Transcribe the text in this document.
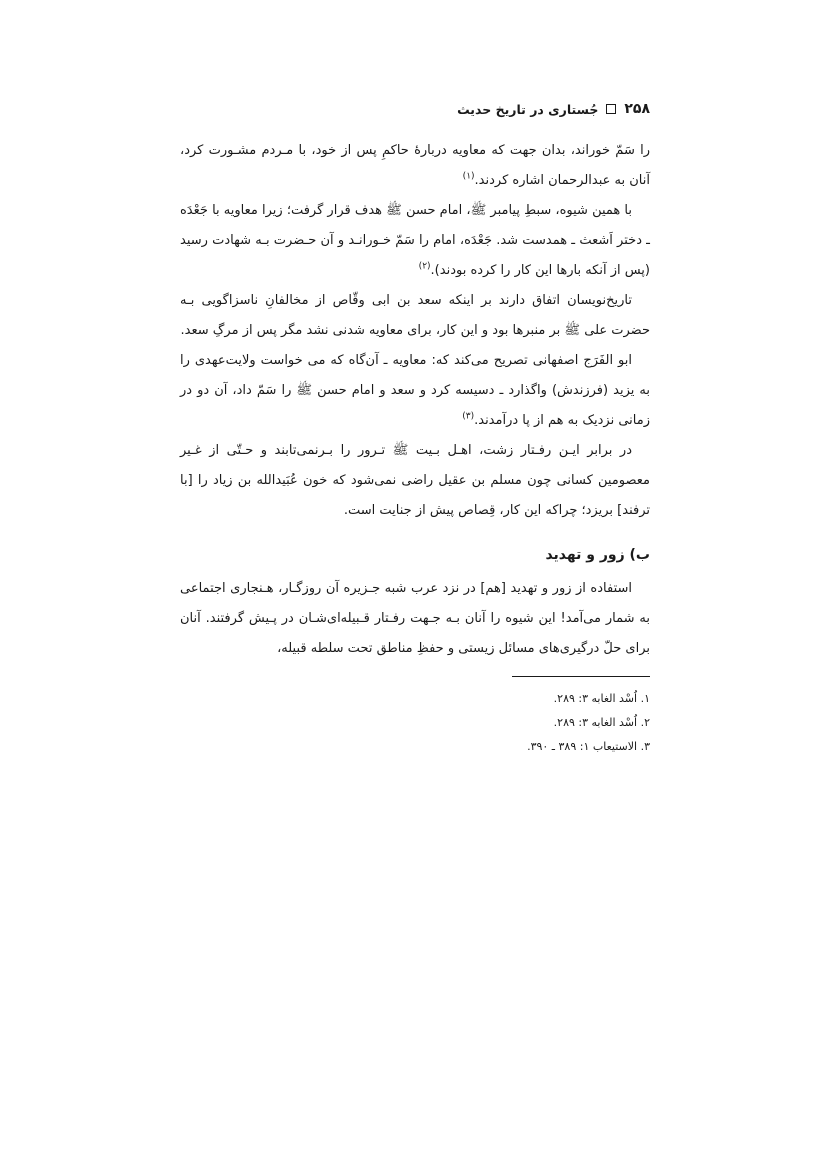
۲۵۸
جُستاری در تاریخ حدیث

را سَمّ خوراند، بدان جهت که معاویه دربارۀ حاکمِ پس از خود، با مـردم مشـورت کرد، آنان به عبدالرحمان اشاره کردند.$^{(۱)}$

با همین شیوه، سبطِ پیامبر ﷺ، امام حسن ﷺ هدف قرار گرفت؛ زیرا معاویه با جَعْدَه ـ دختر اَشعث ـ همدست شد. جَعْدَه، امام را سَمّ خـورانـد و آن حـضرت بـه شهادت رسید (پس از آنکه بارها این کار را کرده بودند).$^{(۲)}$

تاریخ‌نویسان اتفاق دارند بر اینکه سعد بن ابی وقّاص از مخالفانِ ناسزاگویی بـه حضرت علی ﷺ بر منبرها بود و این کار، برای معاویه شدنی نشد مگر پس از مرگِ سعد.

ابو الفَرَج اصفهانی تصریح می‌کند که: معاویه ـ آن‌گاه که می خواست ولایت‌عهدی را به یزید (فرزندش) واگذارد ـ دسیسه کرد و سعد و امام حسن ﷺ را سَمّ داد، آن دو در زمانی نزدیک به هم از پا درآمدند.$^{(۳)}$

در برابر ایـن رفـتار زشت، اهـل بـیت ﷺ تـرور را بـرنمی‌تابند و حـتّی از غـیر معصومین کسانی چون مسلم بن عقیل راضی نمی‌شود که خون عُبَیدالله بن زیاد را [با ترفند] بریزد؛ چراکه این کار، قِصاص پیش از جنایت است.

ب) زور و تهدید

استفاده از زور و تهدید [هم] در نزد عرب شبه جـزیره آن روزگـار، هـنجاری اجتماعی به شمار می‌آمد! این شیوه را آنان بـه جـهت رفـتار قـبیله‌ای‌شـان در پـیش گرفتند. آنان برای حلّ درگیری‌های مسائل زیستی و حفظِ مناطق تحت سلطه قبیله،

۱. اُسْد الغابه ۳: ۲۸۹.
۲. اُسْد الغابه ۳: ۲۸۹.
۳. الاستیعاب ۱: ۳۸۹ ـ ۳۹۰.
